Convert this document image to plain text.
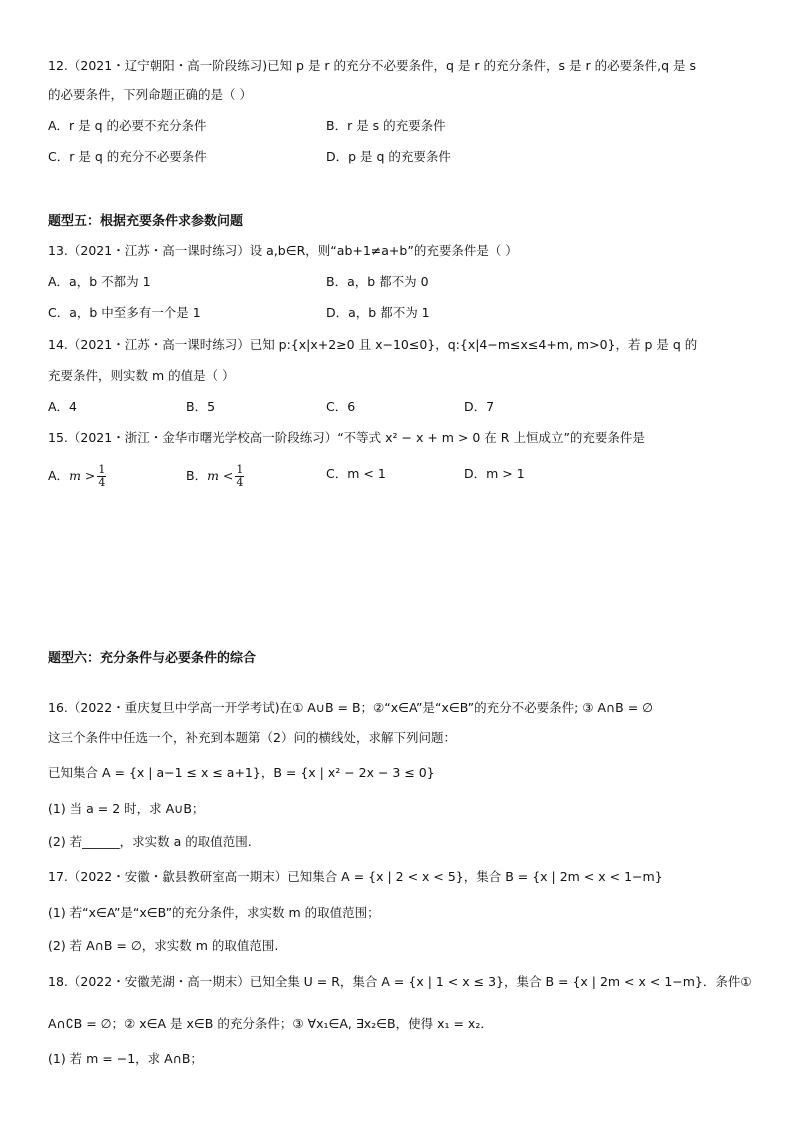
12.（2021・辽宁朝阳・高一阶段练习)已知 p 是 r 的充分不必要条件，q 是 r 的充分条件，s 是 r 的必要条件,q 是 s
的必要条件，下列命题正确的是（ ）
A．r 是 q 的必要不充分条件	B．r 是 s 的充要条件
C．r 是 q 的充分不必要条件	D．p 是 q 的充要条件
题型五：根据充要条件求参数问题
13.（2021・江苏・高一课时练习）设 a,b∈R，则“ab+1≠a+b”的充要条件是（ ）
A．a，b 不都为 1	B．a，b 都不为 0
C．a，b 中至多有一个是 1	D．a，b 都不为 1
14.（2021・江苏・高一课时练习）已知 p:{x|x+2≥0 且 x−10≤0}，q:{x|4−m≤x≤4+m, m>0}，若 p 是 q 的
充要条件，则实数 m 的值是（ ）
A．4	B．5	C．6	D．7
15.（2021・浙江・金华市曙光学校高一阶段练习）“不等式 x² − x + m > 0 在 R 上恒成立”的充要条件是
A．$m > \frac{1}{4}$	B．$m < \frac{1}{4}$	C．m < 1	D．m > 1
题型六：充分条件与必要条件的综合
16.（2022・重庆复旦中学高一开学考试)在① A∪B = B；②“x∈A”是“x∈B”的充分不必要条件; ③ A∩B = ∅
这三个条件中任选一个，补充到本题第（2）问的横线处，求解下列问题：
已知集合 A = {x | a−1 ≤ x ≤ a+1}，B = {x | x² − 2x − 3 ≤ 0}
(1) 当 a = 2 时，求 A∪B；
(2) 若______，求实数 a 的取值范围.
17.（2022・安徽・歙县教研室高一期末）已知集合 A = {x | 2 < x < 5}，集合 B = {x | 2m < x < 1−m}
(1) 若“x∈A”是“x∈B”的充分条件，求实数 m 的取值范围；
(2) 若 A∩B = ∅，求实数 m 的取值范围.
18.（2022・安徽芜湖・高一期末）已知全集 U = R，集合 A = {x | 1 < x ≤ 3}，集合 B = {x | 2m < x < 1−m}．条件①
A∩∁B = ∅；② x∈A 是 x∈B 的充分条件；③ ∀x₁∈A, ∃x₂∈B，使得 x₁ = x₂．
(1) 若 m = −1，求 A∩B；
